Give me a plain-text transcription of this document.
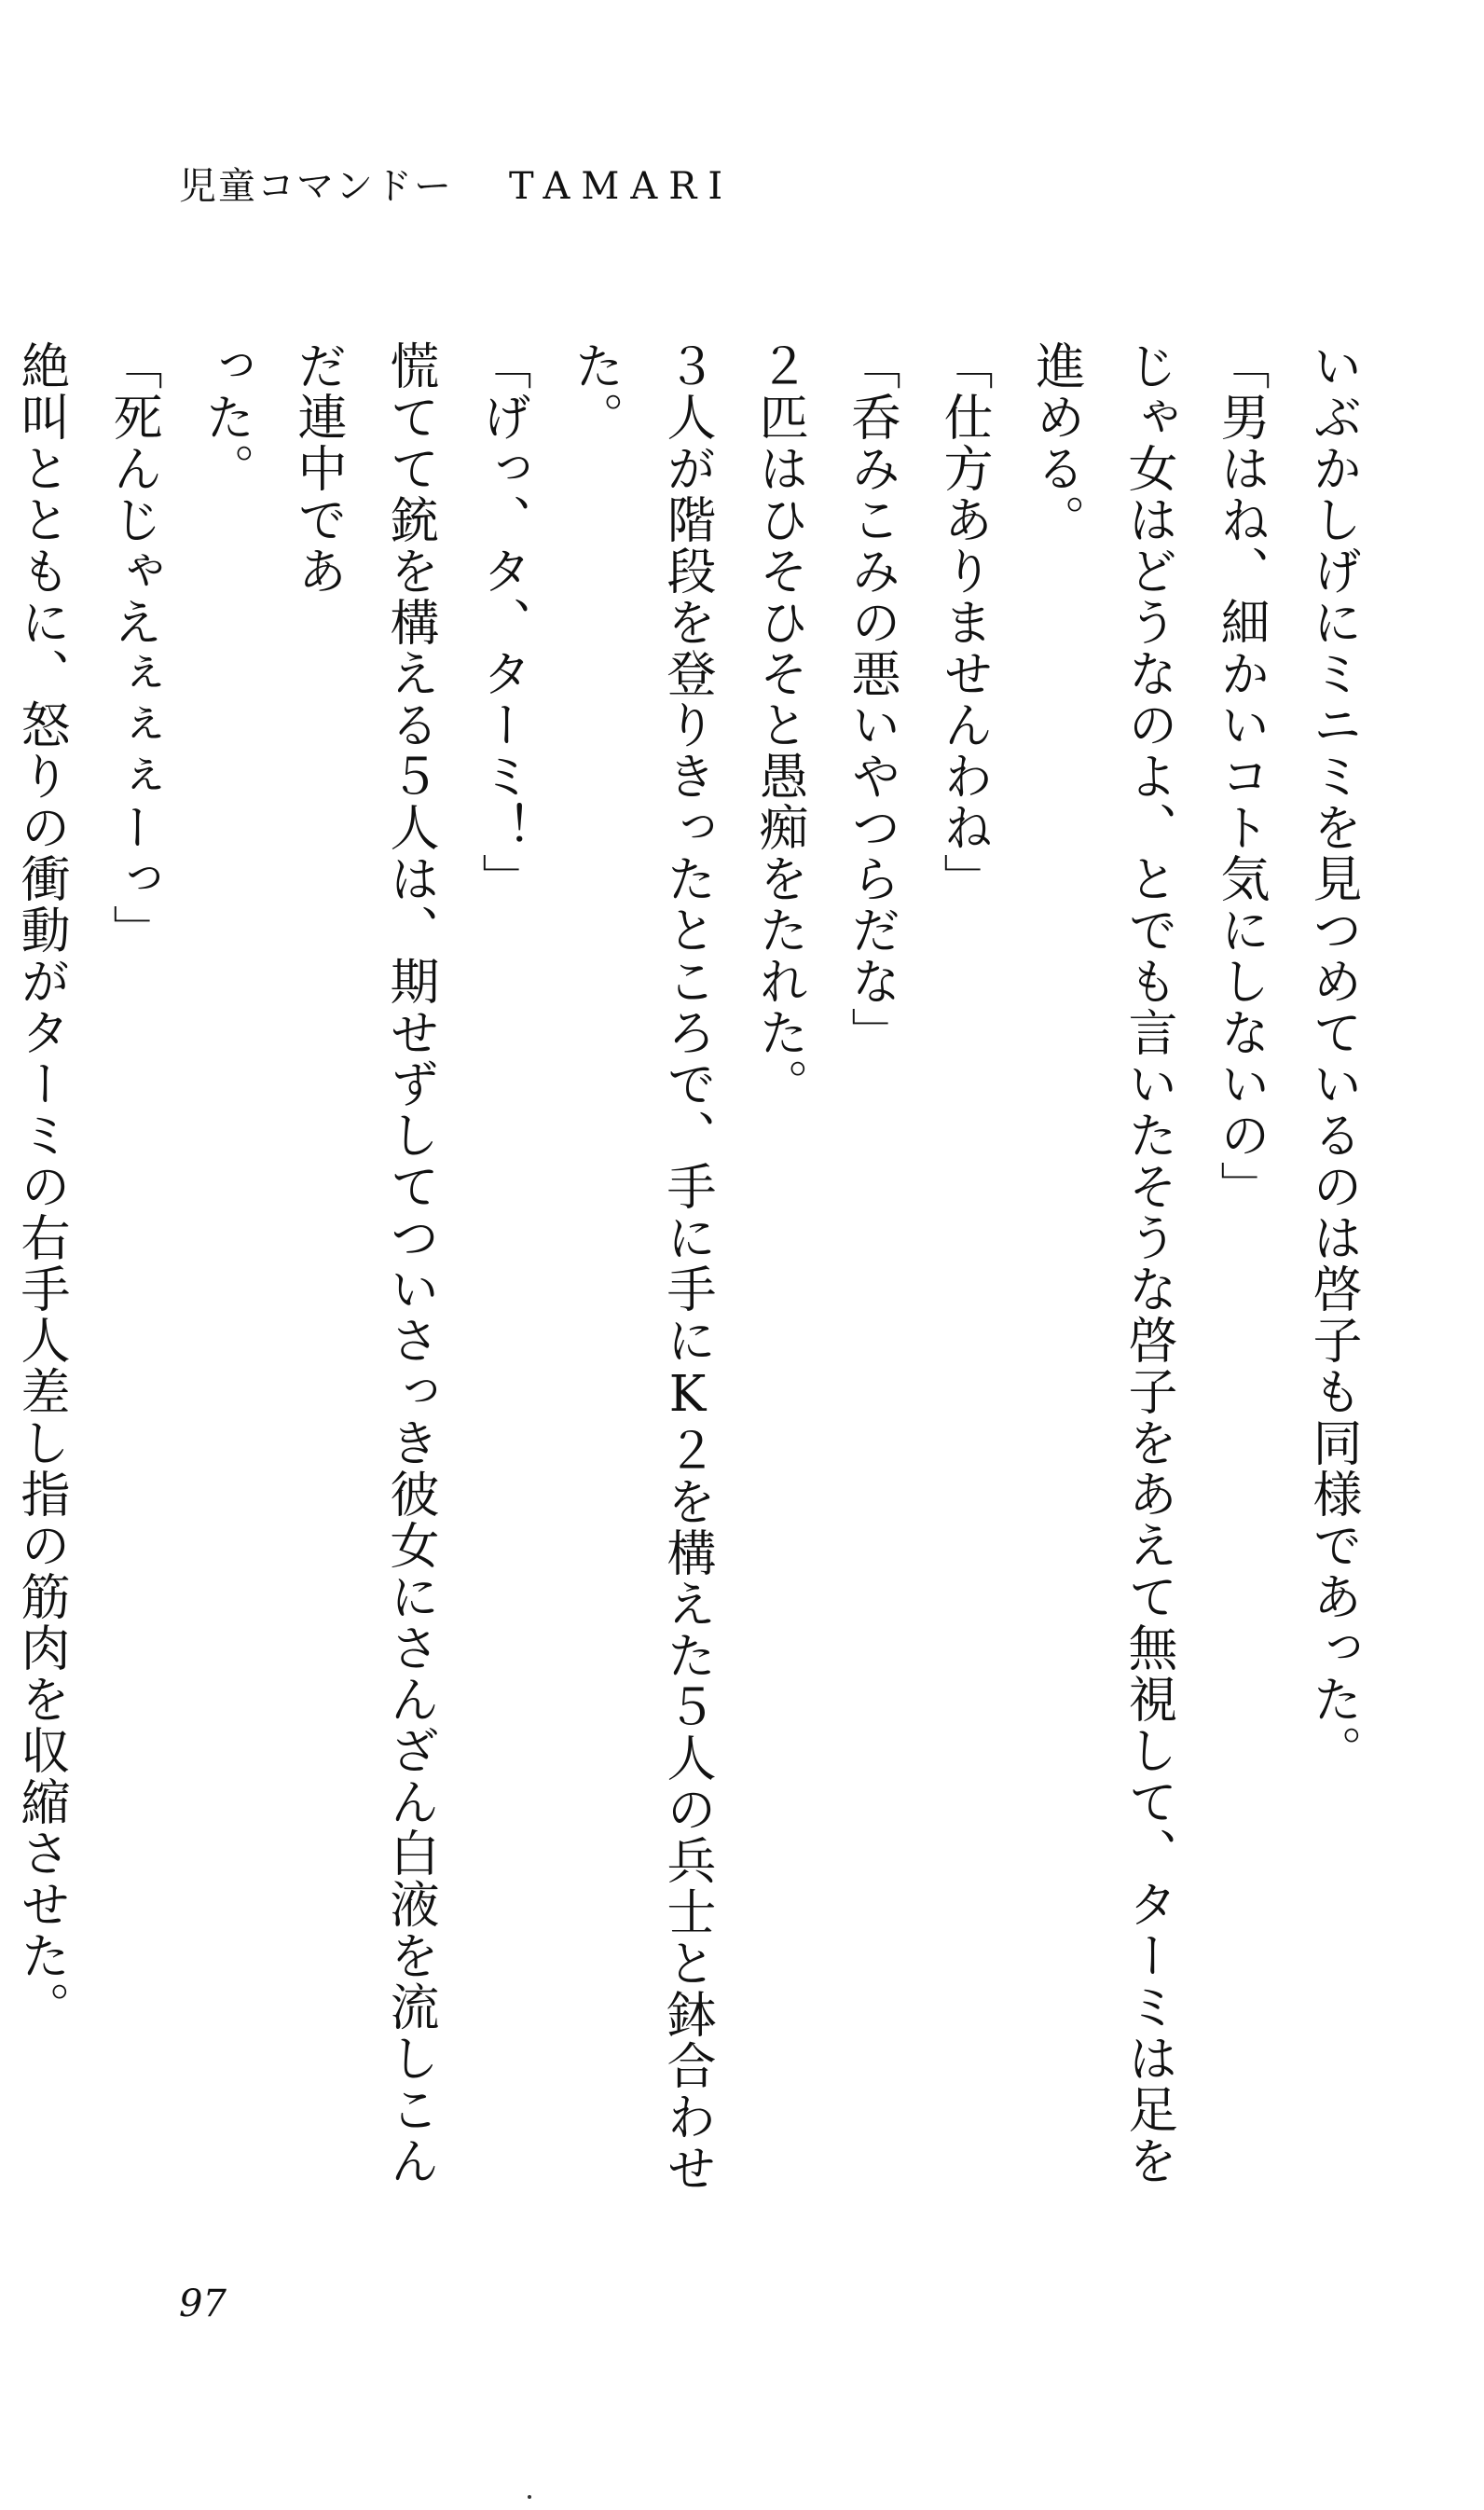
児童コマンドー TAMARI

いぶかしげにミニミを見つめているのは啓子も同様であった。

「男はね、細かいコト気にしないの」

じゃ女はどうなのよ、とでも言いたそうな啓子をあえて無視して、ターミは足を進める。

「仕方ありませんわね」

「呑みこみの悪いやつらだな」

２匹はひそひそと愚痴をたれた。

３人が階段を登りきったところで、手に手にK２を構えた５人の兵士と鉢合わせた。

「げっ、タ、ターミ！」

慌てて銃を構える５人は、期せずしてついさっき彼女にさんざん白液を流しこんだ連中であ

った。

「死んじゃえぇぇぇーっ」

絶叫とともに、怒りの衝動がターミの右手人差し指の筋肉を収縮させた。

97
